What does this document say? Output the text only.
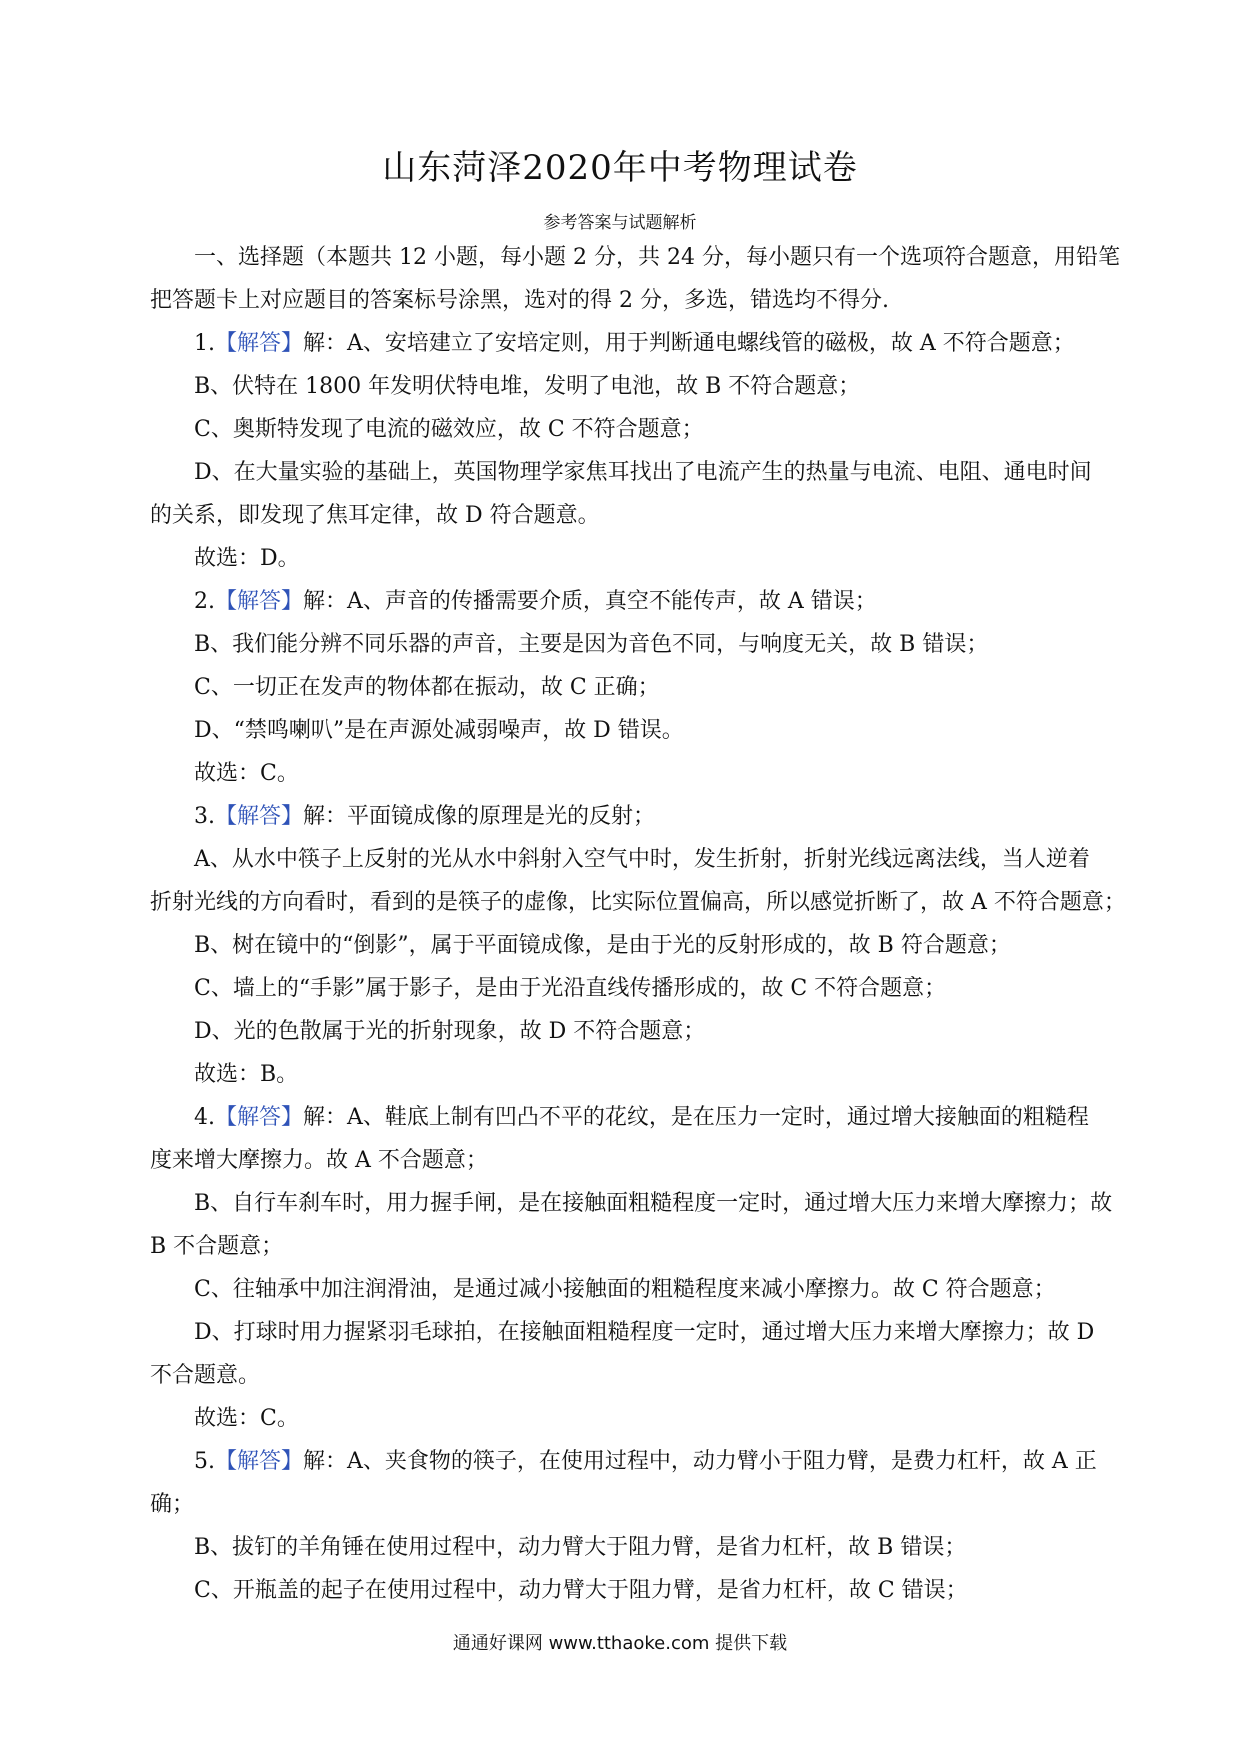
山东菏泽2020年中考物理试卷
参考答案与试题解析

一、选择题（本题共 12 小题，每小题 2 分，共 24 分，每小题只有一个选项符合题意，用铅笔

把答题卡上对应题目的答案标号涂黑，选对的得 2 分，多选，错选均不得分.

1.【解答】解：A、安培建立了安培定则，用于判断通电螺线管的磁极，故 A 不符合题意；

B、伏特在 1800 年发明伏特电堆，发明了电池，故 B 不符合题意；

C、奥斯特发现了电流的磁效应，故 C 不符合题意；

D、在大量实验的基础上，英国物理学家焦耳找出了电流产生的热量与电流、电阻、通电时间

的关系，即发现了焦耳定律，故 D 符合题意。

故选：D。

2.【解答】解：A、声音的传播需要介质，真空不能传声，故 A 错误；

B、我们能分辨不同乐器的声音，主要是因为音色不同，与响度无关，故 B 错误；

C、一切正在发声的物体都在振动，故 C 正确；

D、“禁鸣喇叭”是在声源处减弱噪声，故 D 错误。

故选：C。

3.【解答】解：平面镜成像的原理是光的反射；

A、从水中筷子上反射的光从水中斜射入空气中时，发生折射，折射光线远离法线，当人逆着

折射光线的方向看时，看到的是筷子的虚像，比实际位置偏高，所以感觉折断了，故 A 不符合题意；

B、树在镜中的“倒影”，属于平面镜成像，是由于光的反射形成的，故 B 符合题意；

C、墙上的“手影”属于影子，是由于光沿直线传播形成的，故 C 不符合题意；

D、光的色散属于光的折射现象，故 D 不符合题意；

故选：B。

4.【解答】解：A、鞋底上制有凹凸不平的花纹，是在压力一定时，通过增大接触面的粗糙程

度来增大摩擦力。故 A 不合题意；

B、自行车刹车时，用力握手闸，是在接触面粗糙程度一定时，通过增大压力来增大摩擦力；故

B 不合题意；

C、往轴承中加注润滑油，是通过减小接触面的粗糙程度来减小摩擦力。故 C 符合题意；

D、打球时用力握紧羽毛球拍，在接触面粗糙程度一定时，通过增大压力来增大摩擦力；故 D

不合题意。

故选：C。

5.【解答】解：A、夹食物的筷子，在使用过程中，动力臂小于阻力臂，是费力杠杆，故 A 正

确；

B、拔钉的羊角锤在使用过程中，动力臂大于阻力臂，是省力杠杆，故 B 错误；

C、开瓶盖的起子在使用过程中，动力臂大于阻力臂，是省力杠杆，故 C 错误；

通通好课网 www.tthaoke.com 提供下载
